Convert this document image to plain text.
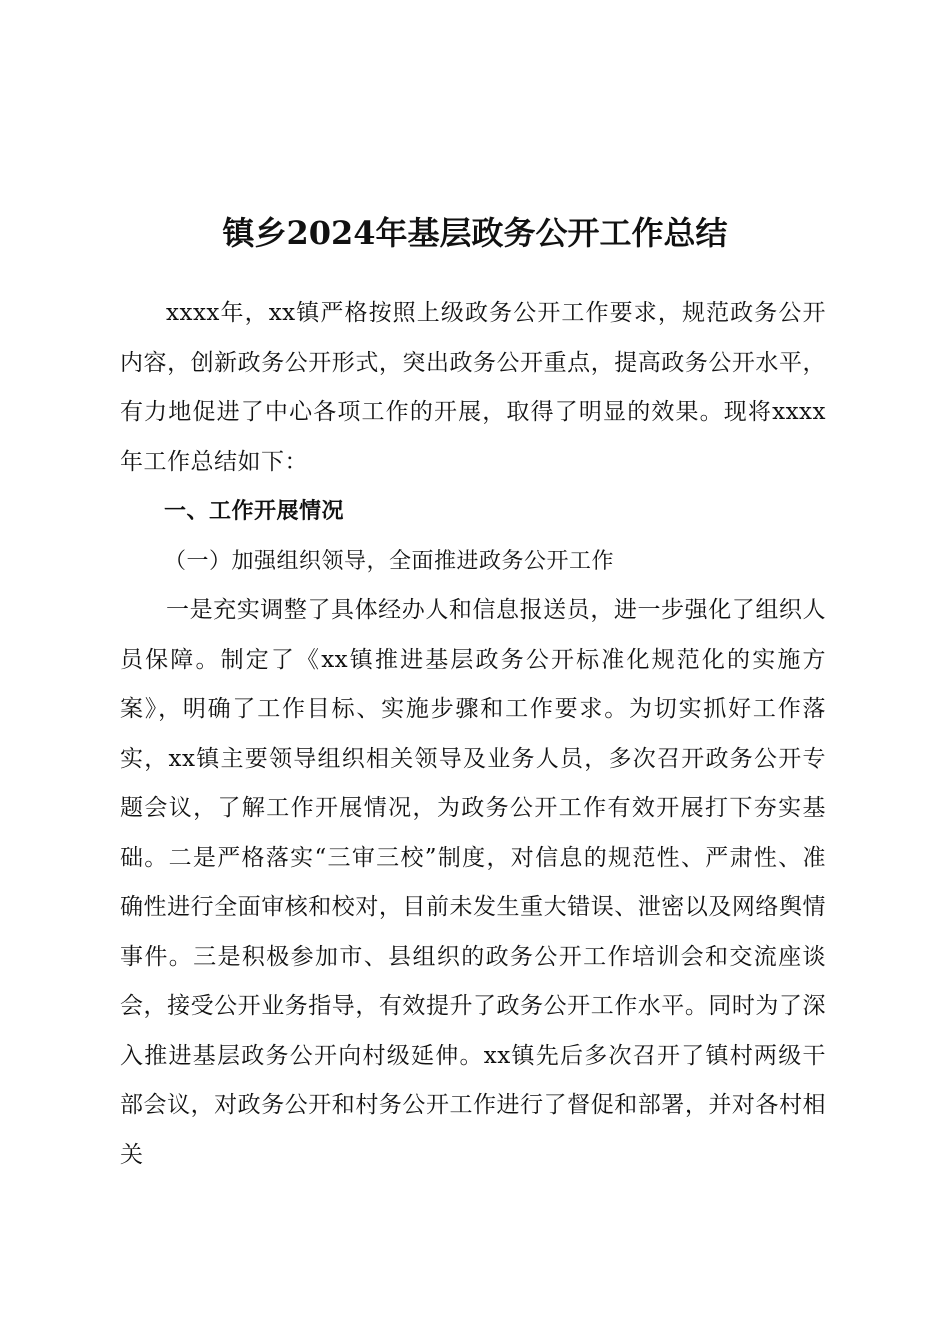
镇乡2024年基层政务公开工作总结

xxxx年，xx镇严格按照上级政务公开工作要求，规范政务公开内容，创新政务公开形式，突出政务公开重点，提高政务公开水平，有力地促进了中心各项工作的开展，取得了明显的效果。现将xxxx年工作总结如下：

一、工作开展情况

（一）加强组织领导，全面推进政务公开工作

一是充实调整了具体经办人和信息报送员，进一步强化了组织人员保障。制定了《xx镇推进基层政务公开标准化规范化的实施方案》，明确了工作目标、实施步骤和工作要求。为切实抓好工作落实，xx镇主要领导组织相关领导及业务人员，多次召开政务公开专题会议，了解工作开展情况，为政务公开工作有效开展打下夯实基础。二是严格落实“三审三校”制度，对信息的规范性、严肃性、准确性进行全面审核和校对，目前未发生重大错误、泄密以及网络舆情事件。三是积极参加市、县组织的政务公开工作培训会和交流座谈会，接受公开业务指导，有效提升了政务公开工作水平。同时为了深入推进基层政务公开向村级延伸。xx镇先后多次召开了镇村两级干部会议，对政务公开和村务公开工作进行了督促和部署，并对各村相关
